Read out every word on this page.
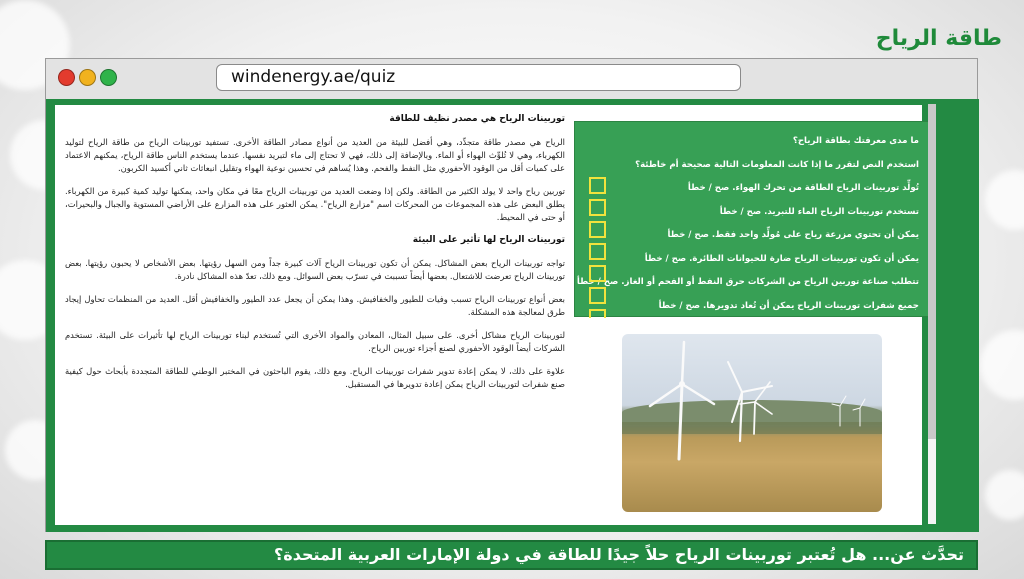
طاقة الرياح
windenergy.ae/quiz
توربينات الرياح هي مصدر نظيف للطاقة

الرياح هي مصدر طاقة متجدِّد، وهي أفضل للبيئة من العديد من أنواع مصادر الطاقة الأخرى. تستفيد توربينات الرياح من طاقة الرياح لتوليد الكهرباء، وهي لا تُلوِّث الهواء أو الماء. وبالإضافة إلى ذلك، فهي لا تحتاج إلى ماء لتبريد نفسها. عندما يستخدم الناس طاقة الرياح، يمكنهم الاعتماد على كميات أقل من الوقود الأحفوري مثل النفط والفحم. وهذا يُساهم في تحسين نوعية الهواء وتقليل انبعاثات ثاني أكسيد الكربون.

توربين رياح واحد لا يولد الكثير من الطاقة. ولكن إذا وضعت العديد من توربينات الرياح معًا في مكان واحد، يمكنها توليد كمية كبيرة من الكهرباء. يطلق البعض على هذه المجموعات من المحركات اسم "مزارع الرياح". يمكن العثور على هذه المزارع على الأراضي المستوية والجبال والبحيرات، أو حتى في المحيط.

توربينات الرياح لها تأثير على البيئة

تواجه توربينات الرياح بعض المشاكل. يمكن أن تكون توربينات الرياح آلات كبيرة جداً ومن السهل رؤيتها. بعض الأشخاص لا يحبون رؤيتها. بعض توربينات الرياح تعرضت للاشتعال. بعضها أيضاً تسببت في تسرّب بعض السوائل. ومع ذلك، تعدّ هذه المشاكل نادرة.

بعض أنواع توربينات الرياح تسبب وفيات للطيور والخفافيش. وهذا يمكن أن يجعل عدد الطيور والخفافيش أقل. العديد من المنظمات تحاول إيجاد طرق لمعالجة هذه المشكلة.

لتوربينات الرياح مشاكل أخرى. على سبيل المثال، المعادن والمواد الأخرى التي تُستخدم لبناء توربينات الرياح لها تأثيرات على البيئة. تستخدم الشركات أيضاً الوقود الأحفوري لصنع أجزاء توربين الرياح.

علاوة على ذلك، لا يمكن إعادة تدوير شفرات توربينات الرياح. ومع ذلك، يقوم الباحثون في المختبر الوطني للطاقة المتجددة بأبحاث حول كيفية صنع شفرات لتوربينات الرياح يمكن إعادة تدويرها في المستقبل.

ما مدى معرفتك بطاقة الرياح؟
استخدم النص لتقرر ما إذا كانت المعلومات التالية صحيحة أم خاطئة؟
تُولِّد توربينات الرياح الطاقة من تحرك الهواء. صح / خطأ
تستخدم توربينات الرياح الماء للتبريد. صح / خطأ
يمكن أن تحتوي مزرعة رياح على مُولِّد واحد فقط. صح / خطأ
يمكن أن تكون توربينات الرياح ضارة للحيوانات الطائرة. صح / خطأ
تتطلب صناعة توربين الرياح من الشركات حرق النفط أو الفحم أو الغاز. صح / خطأ
جميع شفرات توربينات الرياح يمكن أن تُعاد تدويرها. صح / خطأ
تحدَّث عن... هل تُعتبر توربينات الرياح حلاً جيدًا للطاقة في دولة الإمارات العربية المتحدة؟
